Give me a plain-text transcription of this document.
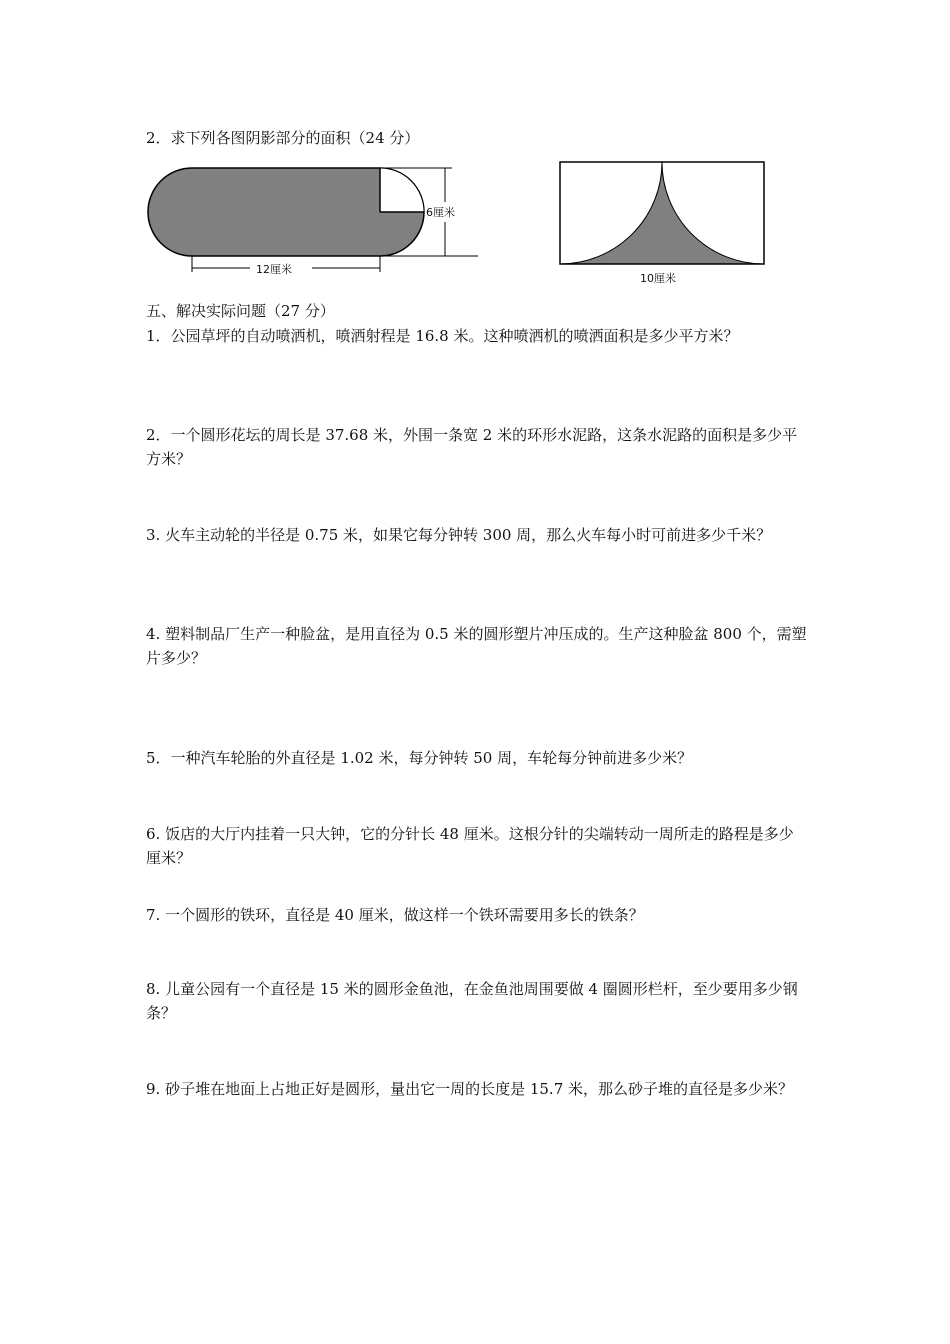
2．求下列各图阴影部分的面积（24 分）
6厘米
12厘米
10厘米
五、解决实际问题（27 分）
1．公园草坪的自动喷洒机，喷洒射程是 16.8 米。这种喷洒机的喷洒面积是多少平方米？
2．一个圆形花坛的周长是 37.68 米，外围一条宽 2 米的环形水泥路，这条水泥路的面积是多少平方米？
3. 火车主动轮的半径是 0.75 米，如果它每分钟转 300 周，那么火车每小时可前进多少千米？
4. 塑料制品厂生产一种脸盆，是用直径为 0.5 米的圆形塑片冲压成的。生产这种脸盆 800 个，需塑片多少？
5．一种汽车轮胎的外直径是 1.02 米，每分钟转 50 周，车轮每分钟前进多少米？
6. 饭店的大厅内挂着一只大钟，它的分针长 48 厘米。这根分针的尖端转动一周所走的路程是多少厘米？
7. 一个圆形的铁环，直径是 40 厘米，做这样一个铁环需要用多长的铁条？
8. 儿童公园有一个直径是 15 米的圆形金鱼池，在金鱼池周围要做 4 圈圆形栏杆，至少要用多少钢条？
9. 砂子堆在地面上占地正好是圆形，量出它一周的长度是 15.7 米，那么砂子堆的直径是多少米？
